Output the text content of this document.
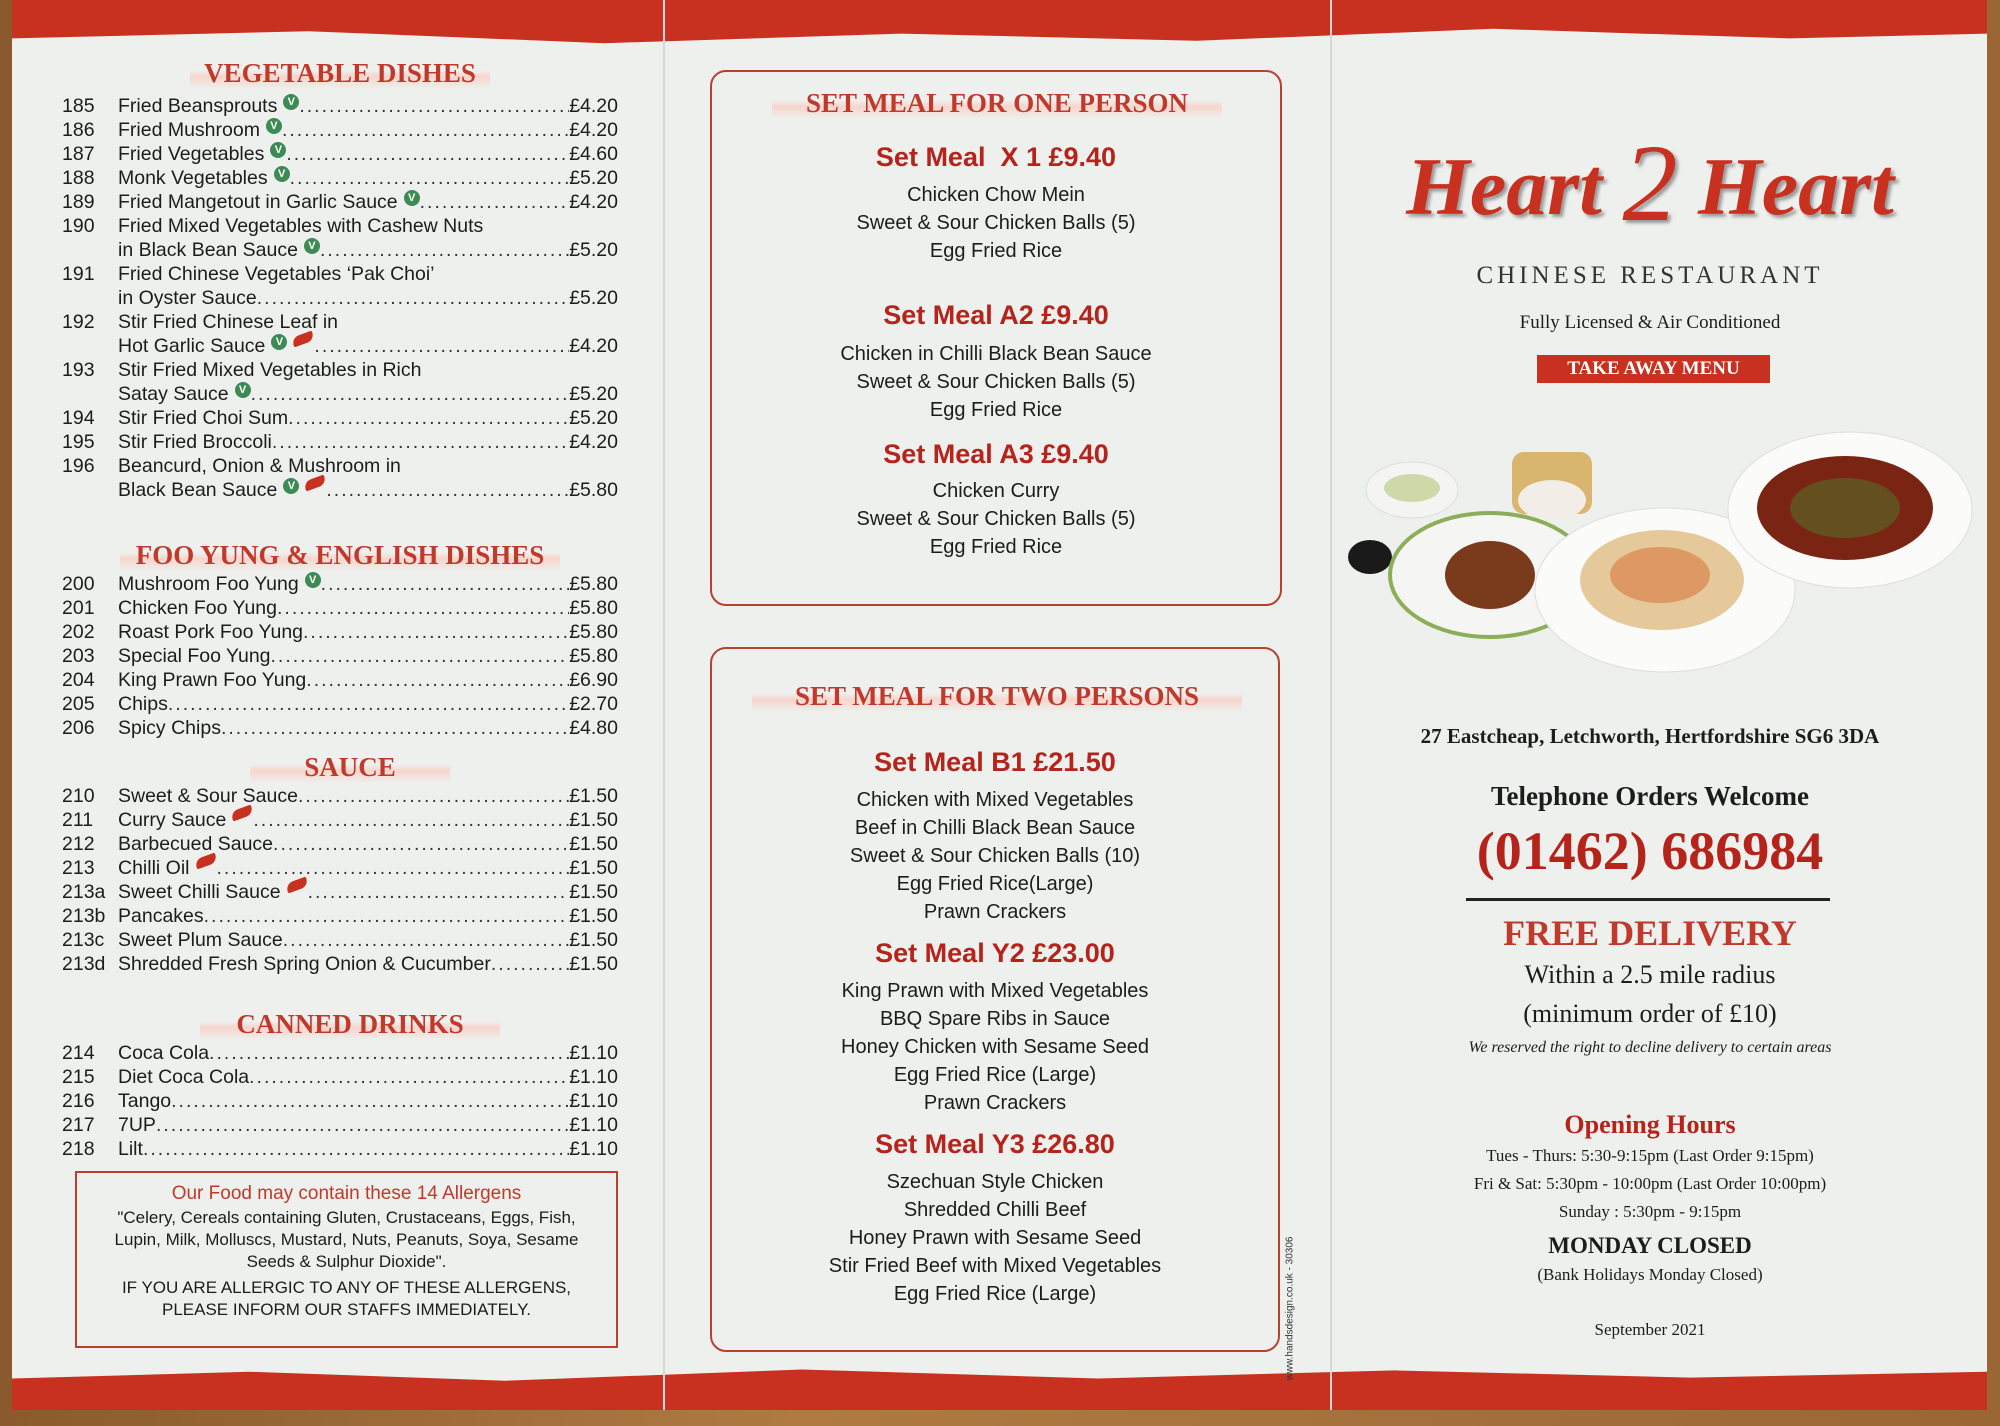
VEGETABLE DISHES
185	Fried Beansprouts V .....	£4.20
186	Fried Mushroom V .....	£4.20
187	Fried Vegetables V .....	£4.60
188	Monk Vegetables V .....	£5.20
189	Fried Mangetout in Garlic Sauce V .....	£4.20
190	Fried Mixed Vegetables with Cashew Nuts
in Black Bean Sauce V .....	£5.20
191	Fried Chinese Vegetables ‘Pak Choi’
in Oyster Sauce .....	£5.20
192	Stir Fried Chinese Leaf in
Hot Garlic Sauce V .....	£4.20
193	Stir Fried Mixed Vegetables in Rich
Satay Sauce V .....	£5.20
194	Stir Fried Choi Sum .....	£5.20
195	Stir Fried Broccoli .....	£4.20
196	Beancurd, Onion & Mushroom in
Black Bean Sauce V .....	£5.80
FOO YUNG & ENGLISH DISHES
200	Mushroom Foo Yung V .....	£5.80
201	Chicken Foo Yung .....	£5.80
202	Roast Pork Foo Yung .....	£5.80
203	Special Foo Yung .....	£5.80
204	King Prawn Foo Yung .....	£6.90
205	Chips .....	£2.70
206	Spicy Chips .....	£4.80
SAUCE
210	Sweet & Sour Sauce .....	£1.50
211	Curry Sauce .....	£1.50
212	Barbecued Sauce .....	£1.50
213	Chilli Oil .....	£1.50
213a Sweet Chilli Sauce .....	£1.50
213b Pancakes .....	£1.50
213c Sweet Plum Sauce .....	£1.50
213d Shredded Fresh Spring Onion & Cucumber .....	£1.50
CANNED DRINKS
214	Coca Cola .....	£1.10
215	Diet Coca Cola .....	£1.10
216	Tango .....	£1.10
217	7UP .....	£1.10
218	Lilt .....	£1.10
Our Food may contain these 14 Allergens
"Celery, Cereals containing Gluten, Crustaceans, Eggs, Fish, Lupin, Milk, Molluscs, Mustard, Nuts, Peanuts, Soya, Sesame Seeds & Sulphur Dioxide".
IF YOU ARE ALLERGIC TO ANY OF THESE ALLERGENS, PLEASE INFORM OUR STAFFS IMMEDIATELY.
SET MEAL FOR ONE PERSON
Set Meal  X 1 £9.40
Chicken Chow Mein
Sweet & Sour Chicken Balls (5)
Egg Fried Rice
Set Meal A2 £9.40
Chicken in Chilli Black Bean Sauce
Sweet & Sour Chicken Balls (5)
Egg Fried Rice
Set Meal A3 £9.40
Chicken Curry
Sweet & Sour Chicken Balls (5)
Egg Fried Rice
SET MEAL FOR TWO PERSONS
Set Meal B1 £21.50
Chicken with Mixed Vegetables
Beef in Chilli Black Bean Sauce
Sweet & Sour Chicken Balls (10)
Egg Fried Rice(Large)
Prawn Crackers
Set Meal Y2 £23.00
King Prawn with Mixed Vegetables
BBQ Spare Ribs in Sauce
Honey Chicken with Sesame Seed
Egg Fried Rice (Large)
Prawn Crackers
Set Meal Y3 £26.80
Szechuan Style Chicken
Shredded Chilli Beef
Honey Prawn with Sesame Seed
Stir Fried Beef with Mixed Vegetables
Egg Fried Rice (Large)	www.handsdesign.co.uk - 30306
Heart 2 Heart
CHINESE RESTAURANT
Fully Licensed & Air Conditioned
TAKE AWAY MENU
27 Eastcheap, Letchworth, Hertfordshire SG6 3DA
Telephone Orders Welcome
(01462) 686984
FREE DELIVERY
Within a 2.5 mile radius
(minimum order of £10)
We reserved the right to decline delivery to certain areas
Opening Hours
Tues - Thurs: 5:30-9:15pm (Last Order 9:15pm)
Fri & Sat: 5:30pm - 10:00pm (Last Order 10:00pm)
Sunday : 5:30pm - 9:15pm
MONDAY CLOSED
(Bank Holidays Monday Closed)
September 2021
